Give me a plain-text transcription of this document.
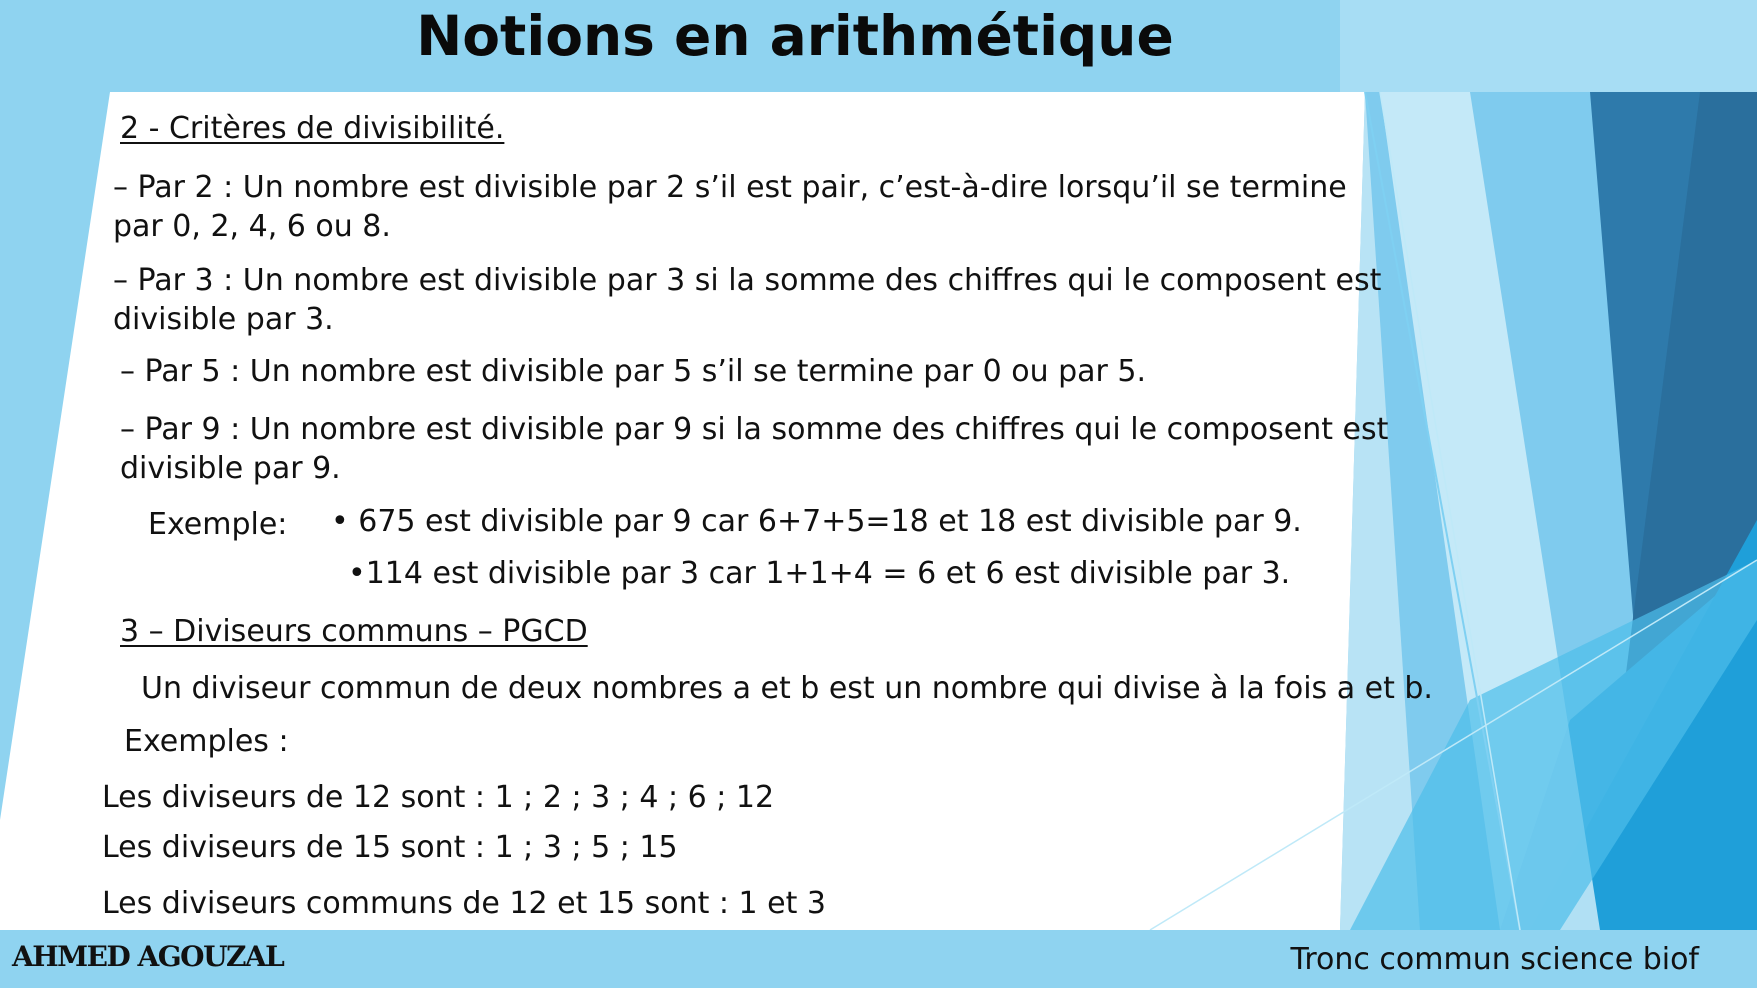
Notions en arithmétique
2 - Critères de divisibilité.
– Par 2 : Un nombre est divisible par 2 s’il est pair, c’est-à-dire lorsqu’il se termine
par 0, 2, 4, 6 ou 8.
– Par 3 : Un nombre est divisible par 3 si la somme des chiffres qui le composent est
divisible par 3.
– Par 5 : Un nombre est divisible par 5 s’il se termine par 0 ou par 5.
– Par 9 : Un nombre est divisible par 9 si la somme des chiffres qui le composent est
divisible par 9.
Exemple: • 675 est divisible par 9 car 6+7+5=18 et 18 est divisible par 9.
•114 est divisible par 3 car 1+1+4 = 6 et 6 est divisible par 3.
3 – Diviseurs communs – PGCD
Un diviseur commun de deux nombres a et b est un nombre qui divise à la fois a et b.
Exemples :
Les diviseurs de 12 sont : 1 ; 2 ; 3 ; 4 ; 6 ; 12
Les diviseurs de 15 sont : 1 ; 3 ; 5 ; 15
Les diviseurs communs de 12 et 15 sont : 1 et 3
AHMED AGOUZAL	Tronc commun science biof
